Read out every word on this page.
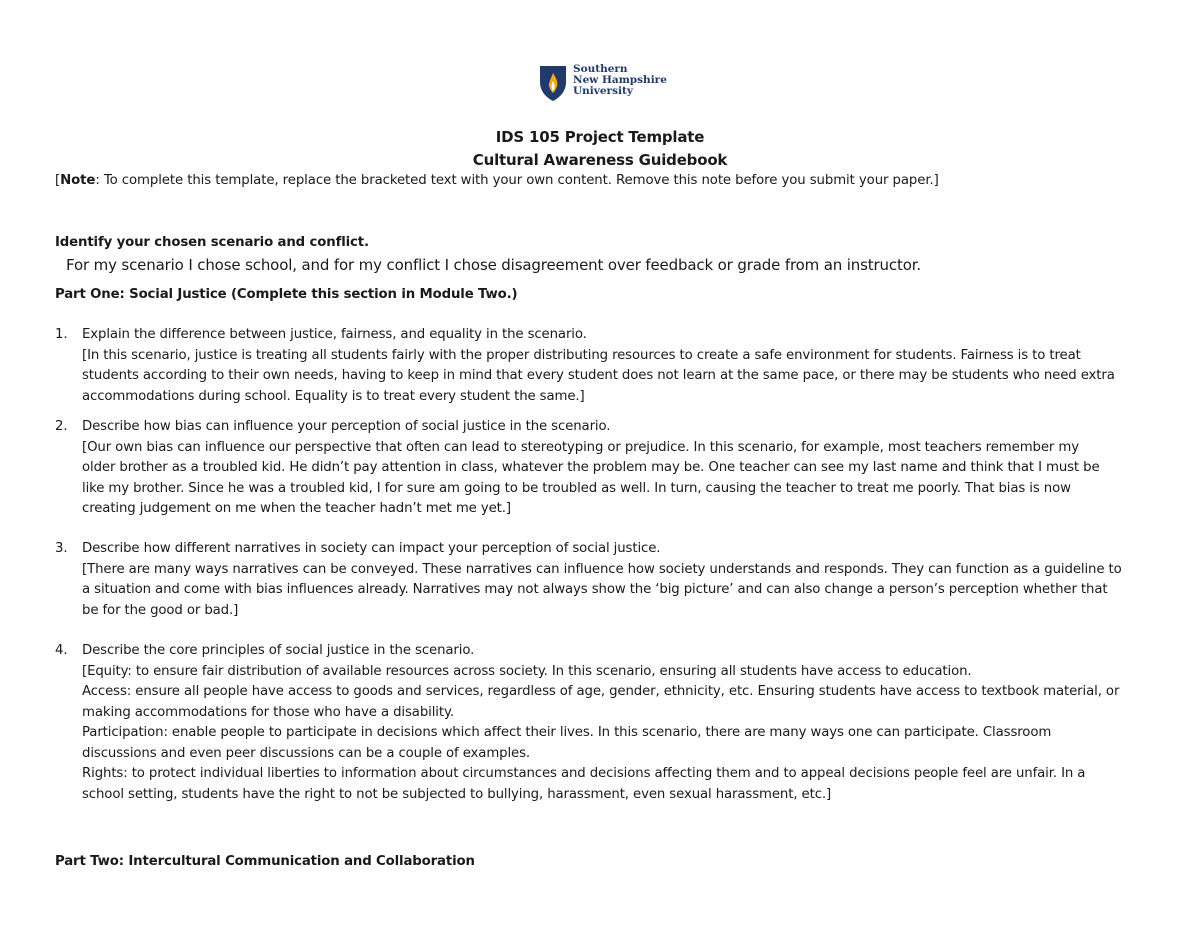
Southern
New Hampshire
University
IDS 105 Project Template
Cultural Awareness Guidebook
[Note: To complete this template, replace the bracketed text with your own content. Remove this note before you submit your paper.]
Identify your chosen scenario and conflict.
For my scenario I chose school, and for my conflict I chose disagreement over feedback or grade from an instructor.
Part One: Social Justice (Complete this section in Module Two.)
1. Explain the difference between justice, fairness, and equality in the scenario.
[In this scenario, justice is treating all students fairly with the proper distributing resources to create a safe environment for students. Fairness is to treat
students according to their own needs, having to keep in mind that every student does not learn at the same pace, or there may be students who need extra
accommodations during school. Equality is to treat every student the same.]
2. Describe how bias can influence your perception of social justice in the scenario.
[Our own bias can influence our perspective that often can lead to stereotyping or prejudice. In this scenario, for example, most teachers remember my
older brother as a troubled kid. He didn’t pay attention in class, whatever the problem may be. One teacher can see my last name and think that I must be
like my brother. Since he was a troubled kid, I for sure am going to be troubled as well. In turn, causing the teacher to treat me poorly. That bias is now
creating judgement on me when the teacher hadn’t met me yet.]
3. Describe how different narratives in society can impact your perception of social justice.
[There are many ways narratives can be conveyed. These narratives can influence how society understands and responds. They can function as a guideline to
a situation and come with bias influences already. Narratives may not always show the ‘big picture’ and can also change a person’s perception whether that
be for the good or bad.]
4. Describe the core principles of social justice in the scenario.
[Equity: to ensure fair distribution of available resources across society. In this scenario, ensuring all students have access to education.
Access: ensure all people have access to goods and services, regardless of age, gender, ethnicity, etc. Ensuring students have access to textbook material, or
making accommodations for those who have a disability.
Participation: enable people to participate in decisions which affect their lives. In this scenario, there are many ways one can participate. Classroom
discussions and even peer discussions can be a couple of examples.
Rights: to protect individual liberties to information about circumstances and decisions affecting them and to appeal decisions people feel are unfair. In a
school setting, students have the right to not be subjected to bullying, harassment, even sexual harassment, etc.]
Part Two: Intercultural Communication and Collaboration
